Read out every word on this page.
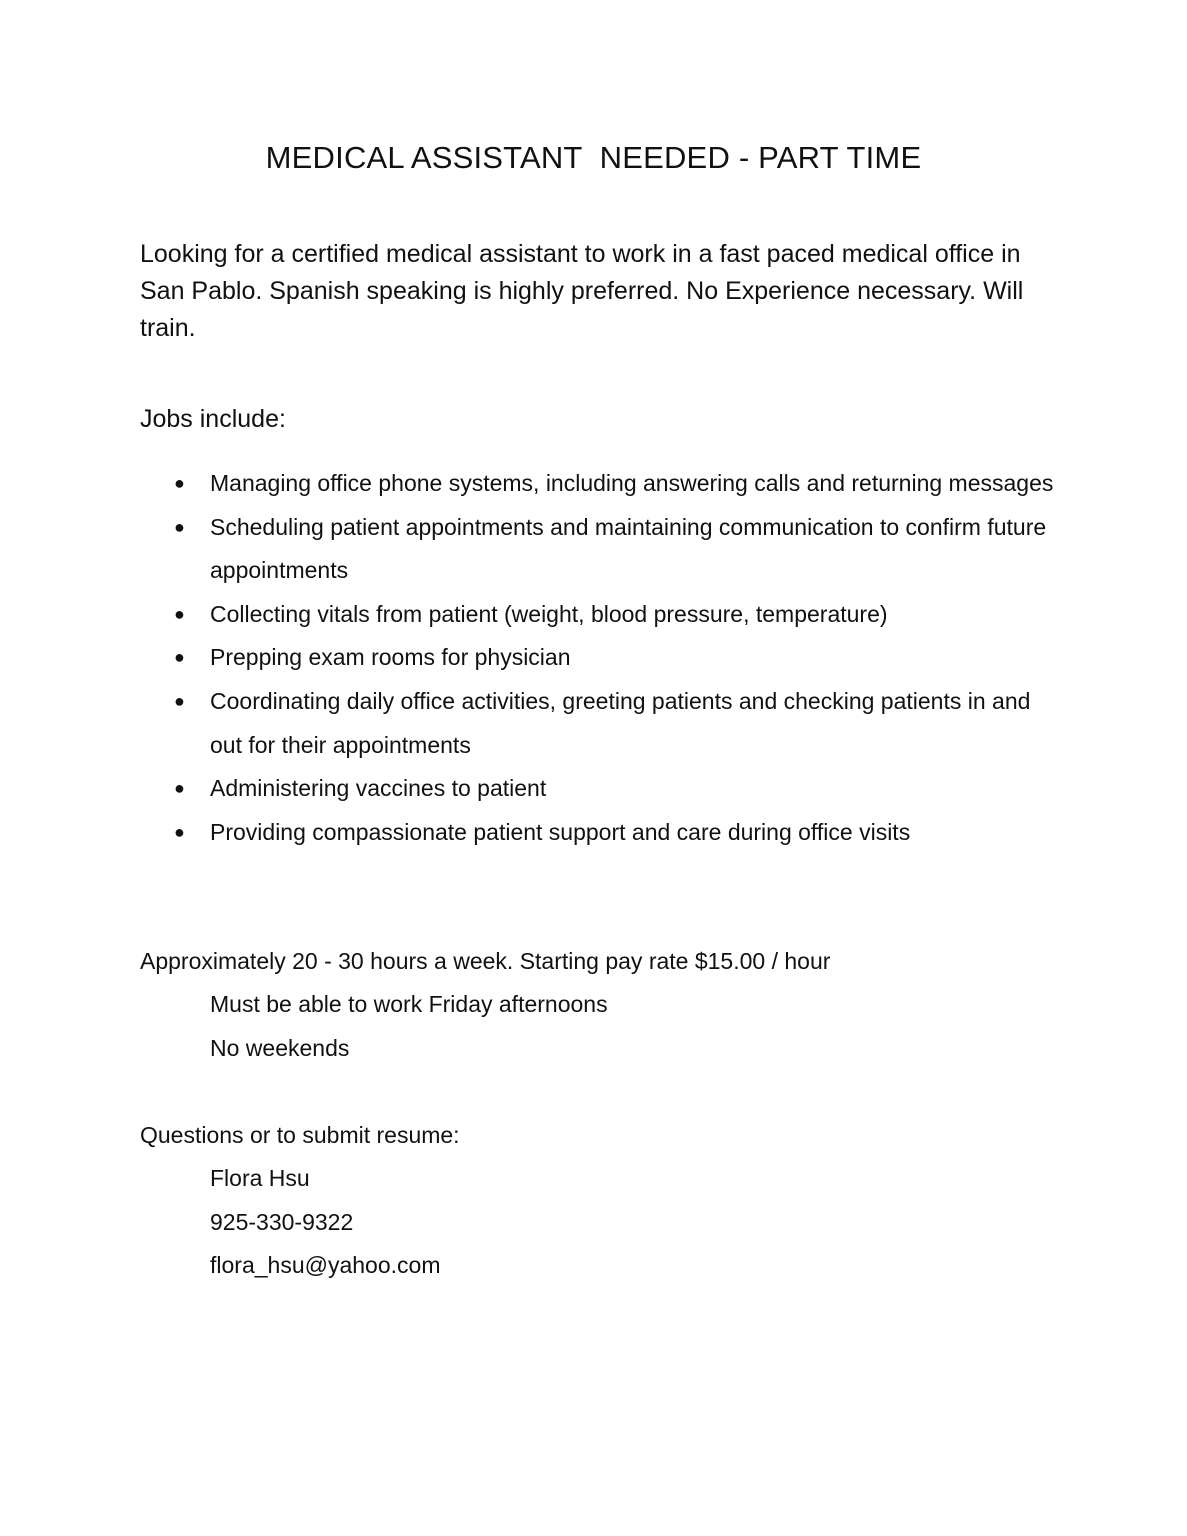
MEDICAL ASSISTANT  NEEDED - PART TIME

Looking for a certified medical assistant to work in a fast paced medical office in San Pablo. Spanish speaking is highly preferred. No Experience necessary. Will train.

Jobs include:

● Managing office phone systems, including answering calls and returning messages
● Scheduling patient appointments and maintaining communication to confirm future appointments
● Collecting vitals from patient (weight, blood pressure, temperature)
● Prepping exam rooms for physician
● Coordinating daily office activities, greeting patients and checking patients in and out for their appointments
● Administering vaccines to patient
● Providing compassionate patient support and care during office visits

Approximately 20 - 30 hours a week. Starting pay rate $15.00 / hour

Must be able to work Friday afternoons

No weekends

Questions or to submit resume:

Flora Hsu

925-330-9322

flora_hsu@yahoo.com
